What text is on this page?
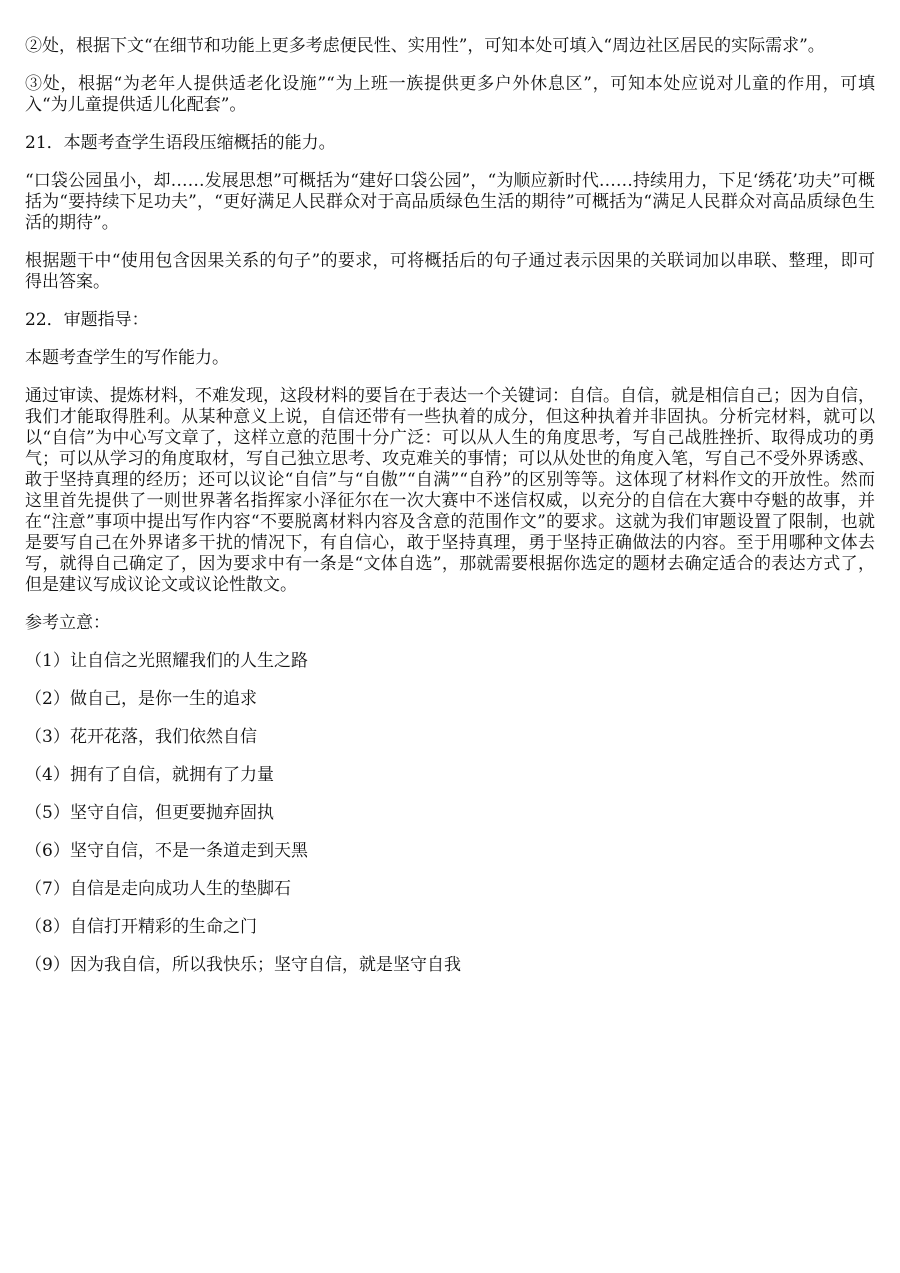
②处，根据下文“在细节和功能上更多考虑便民性、实用性”，可知本处可填入“周边社区居民的实际需求”。

③处，根据“为老年人提供适老化设施”“为上班一族提供更多户外休息区”，可知本处应说对儿童的作用，可填入“为儿童提供适儿化配套”。

21．本题考查学生语段压缩概括的能力。

“口袋公园虽小，却……发展思想”可概括为“建好口袋公园”，“为顺应新时代……持续用力，下足‘绣花’功夫”可概括为“要持续下足功夫”，“更好满足人民群众对于高品质绿色生活的期待”可概括为“满足人民群众对高品质绿色生活的期待”。

根据题干中“使用包含因果关系的句子”的要求，可将概括后的句子通过表示因果的关联词加以串联、整理，即可得出答案。

22．审题指导：

本题考查学生的写作能力。

通过审读、提炼材料，不难发现，这段材料的要旨在于表达一个关键词：自信。自信，就是相信自己；因为自信，我们才能取得胜利。从某种意义上说，自信还带有一些执着的成分，但这种执着并非固执。分析完材料，就可以以“自信”为中心写文章了，这样立意的范围十分广泛：可以从人生的角度思考，写自己战胜挫折、取得成功的勇气；可以从学习的角度取材，写自己独立思考、攻克难关的事情；可以从处世的角度入笔，写自己不受外界诱惑、敢于坚持真理的经历；还可以议论“自信”与“自傲”“自满”“自矜”的区别等等。这体现了材料作文的开放性。然而这里首先提供了一则世界著名指挥家小泽征尔在一次大赛中不迷信权威，以充分的自信在大赛中夺魁的故事，并在“注意”事项中提出写作内容“不要脱离材料内容及含意的范围作文”的要求。这就为我们审题设置了限制，也就是要写自己在外界诸多干扰的情况下，有自信心，敢于坚持真理，勇于坚持正确做法的内容。至于用哪种文体去写，就得自己确定了，因为要求中有一条是“文体自选”，那就需要根据你选定的题材去确定适合的表达方式了，但是建议写成议论文或议论性散文。

参考立意：

（1） 让自信之光照耀我们的人生之路
（2） 做自己，是你一生的追求
（3） 花开花落，我们依然自信
（4） 拥有了自信，就拥有了力量
（5） 坚守自信，但更要抛弃固执
（6） 坚守自信，不是一条道走到天黑
（7） 自信是走向成功人生的垫脚石
（8） 自信打开精彩的生命之门
（9） 因为我自信，所以我快乐；坚守自信，就是坚守自我
